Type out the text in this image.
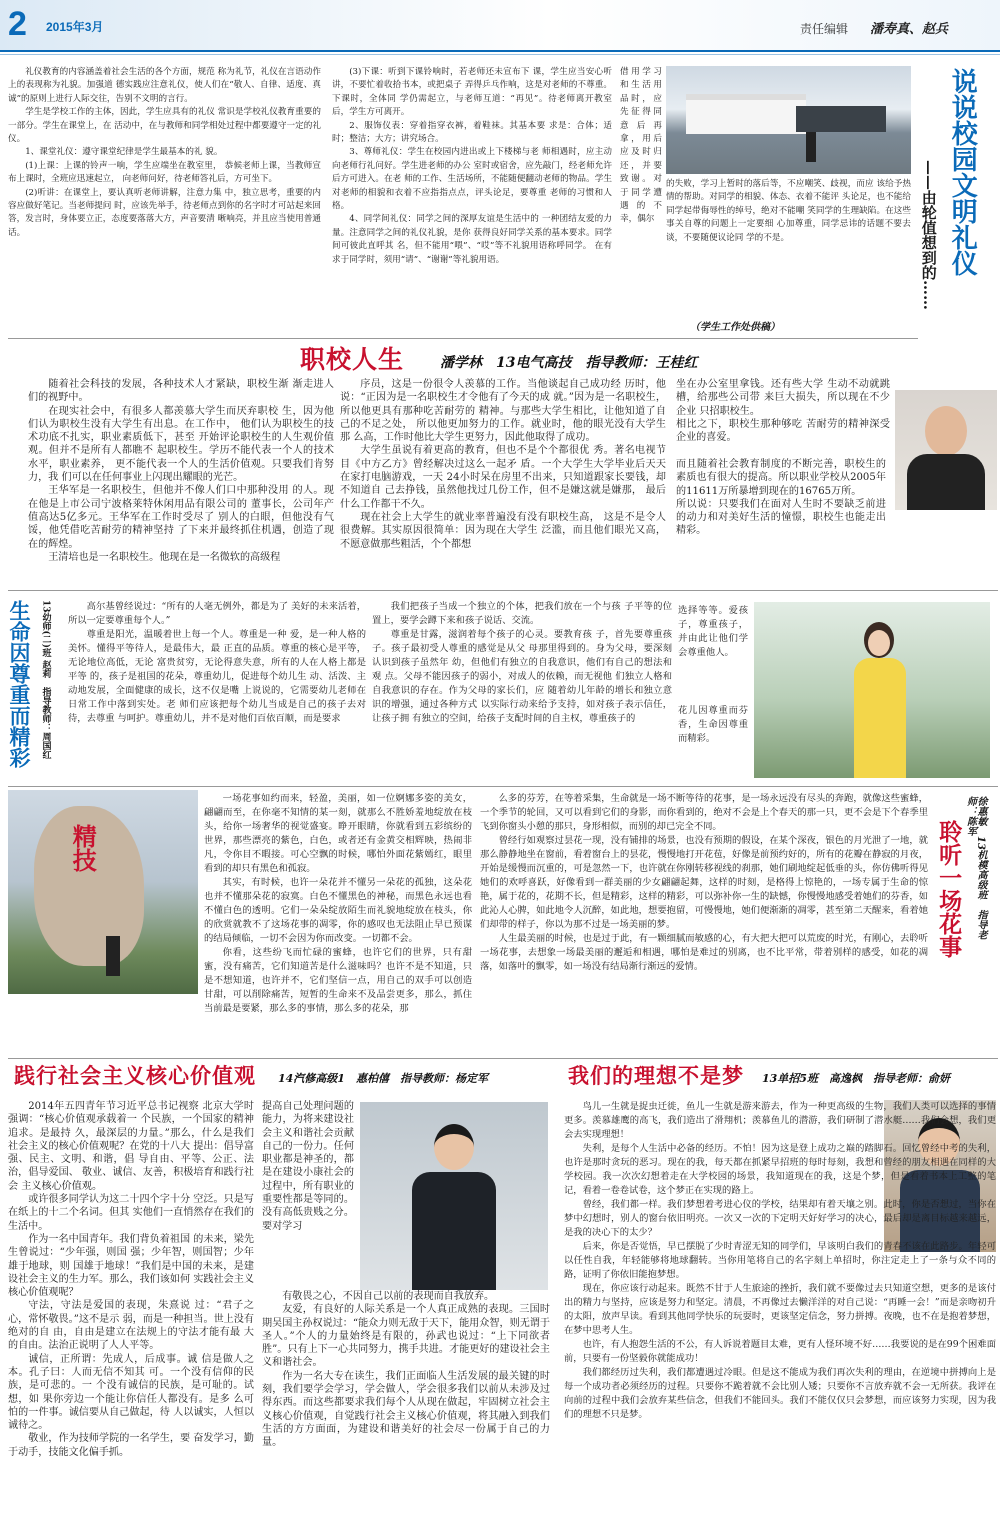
2 2015年3月	责任编辑 潘寿真、赵兵

礼仪教育的内容涵盖着社会生活的各个方面，规范 称为礼节，礼仪在言语动作上的表现称为礼貌。加强道 德实践应注意礼仪，使人们在“敬人、自律、适度、真 诚”的原则上进行人际交往，告别不文明的言行。

学生是学校工作的主体，因此，学生应具有的礼仪 常识是学校礼仪教育重要的一部分。学生在课堂上，在 活动中，在与教师和同学相处过程中都要遵守一定的礼 仪。

1、课堂礼仪：遵守课堂纪律是学生最基本的礼 貌。

(1)上课：上课的铃声一响，学生应端坐在教室里， 恭候老师上课，当教师宣布上课时，全班应迅速起立， 向老师问好，待老师答礼后，方可坐下。

(2)听讲：在课堂上，要认真听老师讲解，注意力集 中，独立思考，重要的内容应做好笔记。当老师提问 时，应该先举手，待老师点到你的名字时才可站起来回 答，发言时，身体要立正，态度要落落大方，声音要清 晰响亮，并且应当使用普通话。

(3)下课：听到下课铃响时，若老师还未宣布下 课，学生应当安心听讲，不要忙着收拾书本，或把桌子 弄得乒乓作响，这是对老师的不尊重。下课时，全体同 学仍需起立，与老师互道：“再见”。待老师离开教室 后，学生方可离开。

2、服饰仪表：穿着指穿衣裤，着鞋袜。其基本要 求是：合体；适时；整洁；大方；讲究场合。

3、尊师礼仪：学生在校园内进出或上下楼梯与老 师相遇时，应主动向老师行礼问好。学生进老师的办公 室时或宿舍，应先敲门，经老师允许后方可进入。在老 师的工作、生活场所，不能随便翻动老师的物品。学生 对老师的相貌和衣着不应指指点点，评头论足，要尊重 老师的习惯和人格。

4、同学间礼仪：同学之间的深厚友谊是生活中的 一种团结友爱的力量。注意同学之间的礼仪礼貌，是你 获得良好同学关系的基本要求。同学间可彼此直呼其 名，但不能用“喂”、“哎”等不礼貌用语称呼同学。 在有求于同学时，须用“请”、“谢谢”等礼貌用语。

借用学习和生活用品时，应先征得同意后再拿，用后应及时归还，并要致谢。对于同学遭遇的不幸，偶尔
的失败，学习上暂时的落后等，不应嘲笑、歧视，而应 该给予热情的帮助。对同学的相貌、体态、衣着不能评 头论足，也不能给同学起带侮辱性的绰号，绝对不能嘲 笑同学的生理缺陷。在这些事关自尊的问题上一定要细 心加尊重，同学忌讳的话题不要去谈，不要随便议论同 学的不是。
（学生工作处供稿）
说说校园文明礼仪
——由轮值想到的……
职校人生	潘学林　13电气高技　指导教师：王桂红

随着社会科技的发展，各种技术人才紧缺，职校生渐 渐走进人们的视野中。

在现实社会中，有很多人都羡慕大学生而厌弃职校 生，因为他们认为职校生没有大学生有出息。在工作中， 他们认为职校生的技术功底不扎实，职业素质低下，甚至 开始评论职校生的人生观价值观。但并不是所有人都瞧不 起职校生。学历不能代表一个人的技术水平，职业素养， 更不能代表一个人的生活价值观。只要我们肯努力，我 们可以在任何事业上闪现出耀眼的光芒。

王华军是一名职校生，但他并不像人们口中那种没用 的人。现在他是上市公司宁波格莱特休闲用品有限公司的 董事长，公司年产值高达5亿多元。王华军在工作时受尽了 别人的白眼，但他没有气馁，他凭借吃苦耐劳的精神坚持 了下来并最终抓住机遇，创造了现在的辉煌。

王清培也是一名职校生。他现在是一名微软的高级程

序员，这是一份很令人羡慕的工作。当他谈起自己成功经 历时，他说：“正因为是一名职校生才令他有了今天的成 就。”因为是一名职校生，所以他更具有那种吃苦耐劳的 精神。与那些大学生相比，让他知道了自己的不足之处， 所以他更加努力的工作。就业时，他的眼光没有大学生那 么高，工作时他比大学生更努力，因此他取得了成功。

大学生虽说有着更高的教育，但也不是个个都很优 秀。著名电视节目《中方乙方》曾经解决过这么一起矛 盾。一个大学生大学毕业后天天在家打电脑游戏，一天 24小时呆在房里不出来，只知道跟家长要钱，却不知道自 己去挣钱，虽然他找过几份工作，但不是嫌这就是嫌那， 最后什么工作都干不久。

现在社会上大学生的就业率普遍没有没有职校生高， 这是不是令人很费解。其实原因很简单：因为现在大学生 泛滥，而且他们眼光又高，不愿意做那些粗活，个个都想

坐在办公室里拿钱。还有些大学 生动不动就跳槽，给那些公司带 来巨大损失，所以现在不少企业 只招职校生。

相比之下，职校生那种够吃 苦耐劳的精神深受企业的喜爱。

而且随着社会教育制度的不断完善，职校生的素质也有很大的提高。所以职业学校从2005年的11611万所暴增到现在的16765万所。

所以说：只要我们在面对人生时不要缺乏前进的动力和对美好生活的憧憬，职校生也能走出精彩。

生命因尊重而精彩 13幼师(二)班 赵莉　指导教师：周国红	高尔基曾经说过：“所有的人毫无例外，都是为了 美好的未来活着，所以一定要尊重每个人。”

尊重是阳光，温暖着世上每一个人。尊重是一种 爱，是一种人格的美怀。懂得平等待人，是最伟大，最 正直的品质。尊重的核心是平等，无论地位高低，无论 富贵贫穷，无论得意失意，所有的人在人格上都是平等 的，孩子是祖国的花朵，尊重幼儿，促进每个幼儿生 动、活泼、主动地发展，全面健康的成长，这不仅是嘴 上说说的，它需要幼儿老师在日常工作中落到实处。老 师们应该把每个幼儿当成是自己的孩子去对待，去尊重 与呵护。尊重幼儿，并不是对他们百依百顺，而是要求

我们把孩子当成一个独立的个体，把我们放在一个与孩 子平等的位置上，要学会蹲下来和孩子说话、交流。

尊重是甘露，滋润着每个孩子的心灵。要教育孩 子，首先要尊重孩子。孩子最初受人尊重的感觉是从父 母那里得到的。身为父母，要深刻认识到孩子虽然年 幼，但他们有独立的自我意识，他们有自己的想法和观 点。父母不能因孩子的弱小，对成人的依赖，而无视他 们独立人格和自我意识的存在。作为父母的家长们，应 随着幼儿年龄的增长和独立意识的增强，通过各种方式 以实际行动来给予支持，如对孩子表示信任，让孩子拥 有独立的空间，给孩子支配时间的自主权，尊重孩子的

选择等等。爱孩子，尊重孩子，并由此让他们学会尊重他人。
花儿因尊重而芬香，生命因尊重而精彩。
精技

一场花事如约而来，轻盈，美丽，如一位婀娜多姿的美女，翩翩而至，在你毫不知情的某一刻，就那么不胜娇羞地绽放在枝头，给你一场奢华的视觉盛宴。睁开眼睛，你就看到五彩缤纷的世界，那些漂亮的紫色，白色，或者还有金黄交相辉映，热闹非凡，令你目不暇接。可心空飘的时候，哪怕外面花紫嫣红，眼里看到的却只有黑色和孤寂。

其实，有时候，也许一朵花并不懂另一朵花的孤独，这朵花也并不懂那朵花的寂寞。白色不懂黑色的神秘，而黑色永远也看不懂白色的透明。它们一朵朵绽放陌生而礼貌地绽放在枝头，你的欣赏就教不了这场花事的凋零，你的感叹也无法阻止早已预谋的结局倾临，一切不会因为你而改变。一切都不会。

你看，这些纷飞而忙碌的蜜蜂，也许它们的世界，只有甜蜜，没有痛苦，它们知道苦是什么滋味吗？也许不是不知道，只是不想知道，也许并不，它们坚信一点，用自己的双手可以创造甘甜，可以削除痛苦，短暂的生命来不及品尝更多，那么，抓住当前最是要紧，那么多的事情，那么多的花朵，那

么多的芬芳，在等着采集，生命就是一场不断等待的花事，是一场永远没有尽头的奔跑，就像这些蜜蜂，一个季节的轮回，又可以看到它们的身影，而你看到的，绝对不会是上个春天的那一只，更不会是下个春季里飞到你窗头小憩的那只，身形相似，而别的却已完全不同。

曾经行如观察过昙花一现，没有铺排的场景，也没有预期的假设，在某个深夜，银色的月光泄了一地，就那么静静地坐在窗前，看着窗台上的昙花，慢慢地打开花苞，好像是前预约好的，所有的花瓣在静寂的月夜，开始是缓慢而沉重的，可是忽然一下，也许就在你刚转移视线的刹那，她们刷地绽起低垂的头，你仿佛听得见她们的欢呼喜跃，好像看到一群美丽的少女翩翩起舞，这样的时刻，是格得上惊艳的，一场专属于生命的惊艳，属于花的，花期不长，但是精彩，这样的精彩，可以弥补你一生的缺憾，你慢慢地感受着她们的芬香，如此沁人心脾，如此地令人沉醉，如此地，想要抱留，可慢慢地，她们便渐渐的凋零，甚至第二天醒来，看着她们却带的样子，你以为那不过是一场美丽的梦。

人生最美丽的时候，也是过于此，有一颗细腻而敏感的心，有大把大把可以荒废的时光，有刚心，去聆听一场花事，去想象一场最美丽的邂逅和相遇，哪怕是难过的别离，也不比平常，带着别样的感受，如花的凋落，如落叶的飘零，如一场没有结局渐行渐远的爱情。

徐惠敏　13机模高级班　指导老师：陈军
聆听一场花事
践行社会主义核心价值观 14汽修高级1　惠柏僖　指导教师：杨定军

2014年五四青年节习近平总书记视察 北京大学时强调：“核心价值观承载着一 个民族，一个国家的精神追求。是最持 久，最深层的力量。”那么，什么是我们 社会主义的核心价值观呢？在党的十八大 提出：倡导富强、民主、文明、和谐，倡 导自由、平等、公正、法治，倡导爱国、 敬业、诚信、友善，积极培育和践行社会 主义核心价值观。

或许很多同学认为这二十四个字十分 空泛。只是写在纸上的十二个名词。但其 实他们一直悄然存在我们的生活中。

作为一名中国青年。我们背负着祖国 的未来，梁先生曾说过：“少年强，则国 强；少年智，则国智；少年雄于地球，则 国雄于地球！”我们是中国的未来，是建 设社会主义的生力军。那么，我们该如何 实践社会主义核心价值观呢？

守法，守法是爱国的表现，朱熹说 过：“君子之心，常怀敬畏。”这不是示 弱，而是一种担当。世上没有绝对的自 由，自由是建立在法规上的守法才能有最 大的自由。法治正说明了人人平等。

诚信，正所谓：先成人，后成事。诚 信是做人之本。孔子曰：人而无信不知其 可。一个没有信仰的民族，是可悲的。一 个没有诚信的民族，是可耻的。试想，如 果你旁边一个能让你信任人都没有。是多 么可怕的一件事。诚信要从自己做起，待 人以诚实，人恒以诚待之。

敬业，作为技师学院的一名学生，要 奋发学习，勤于动手，技能文化偏手抓。

提高自己处理问题的能力，为将来建设社会主义和谐社会贡献自己的一份力。任何职业都是神圣的，都是在建设小康社会的过程中，所有职业的重要性都是等同的。没有高低贵贱之分。要对学习

有敬畏之心，不因自己以前的表现而自我放弃。

友爱，有良好的人际关系是一个人真正成熟的表现。三国时期吴国主孙权说过：“能众力则无敌于天下，能用众智，则无谓于圣人。”个人的力量始终是有限的，孙武也说过：“上下同欲者胜”。只有上下一心共同努力，携手共进。才能更好的建设社会主义和谐社会。

作为一名大专在读生，我们正面临人生活发展的最关键的时刻，我们要学会学习，学会做人，学会很多我们以前从未涉及过得东西。而这些都要求我们每个人从现在做起，牢固树立社会主义核心价值观，自觉践行社会主义核心价值观，将其融入到我们生活的方方面面，为建设和谐美好的社会尽一份属于自己的力量。

我们的理想不是梦 13单招5班　高逸枫　指导老师：俞妍

鸟儿一生就是捉虫迁徙，鱼儿一生就是游来游去，作为一种更高级的生物，我们人类可以选择的事情更多。羡慕雄鹰的高飞，我们造出了滑翔机；羡慕鱼儿的潜游，我们研制了潜水艇……我们会想，我们更会去实现理想！

失利，是每个人生活中必备的经历。不怕！因为这是登上成功之巅的踏脚石。回忆曾经中考的失利，也许是那时贪玩的恶习。现在的我，每天都在抓紧早招班的每时每刻，我想和曾经的朋友相遇在同样的大学校园。我一次次幻想着走在大学校园的场景，我知道现在的我，这是个梦，但是看着书本上工整的笔记，看着一卷卷试卷，这个梦正在实现的路上。

曾经，我们都一样。我们梦想着考进心仪的学校，结果却有着天壤之别。此时，你是否想过，当你在梦中幻想时，别人的窗台依旧明亮。一次又一次的下定明天好好学习的决心，最后却是离目标越来越远，是我的决心下的太少？

后来，你是否觉悟，早已摆脱了少时青涩无知的同学们，早该明白我们的青春不该在此路步。年轻可以任性自我，年轻能够将地球翻转。当你用笔将自己的名字刻上单招时，你注定走上了一条与众不同的路，证明了你依旧能抱梦想。

现在，你应该行动起来。既然不甘于人生旅途的挫折，我们就不要像过去只知道空想，更多的是该付出的精力与坚持，应该是努力和坚定。清晨，不再像过去懒洋洋的对自己说：“再睡一会！”而是亲吻初升的太阳，放声早读。看到其他同学快乐的玩耍时，更该坚定信念，努力拼搏。夜晚，也不在是抱着梦想，在梦中思考人生。

也许，有人抱怨生活的不公，有人诉说着题目太难，更有人怪环境不好……我要说的是在99个困难面前，只要有一份坚毅你就能成功！

我们都经历过失利，我们都遭遇过冷眼。但是这不能成为我们再次失利的理由，在逆境中拼搏向上是每一个成功者必须经历的过程。只要你不跪着就不会比别人矮；只要你不言放弃就不会一无所获。我评在向前的过程中我们会放弃某些信念，但我们不能回头。我们不能仅仅只会梦想，而应该努力实现，因为我们的理想不只是梦。
